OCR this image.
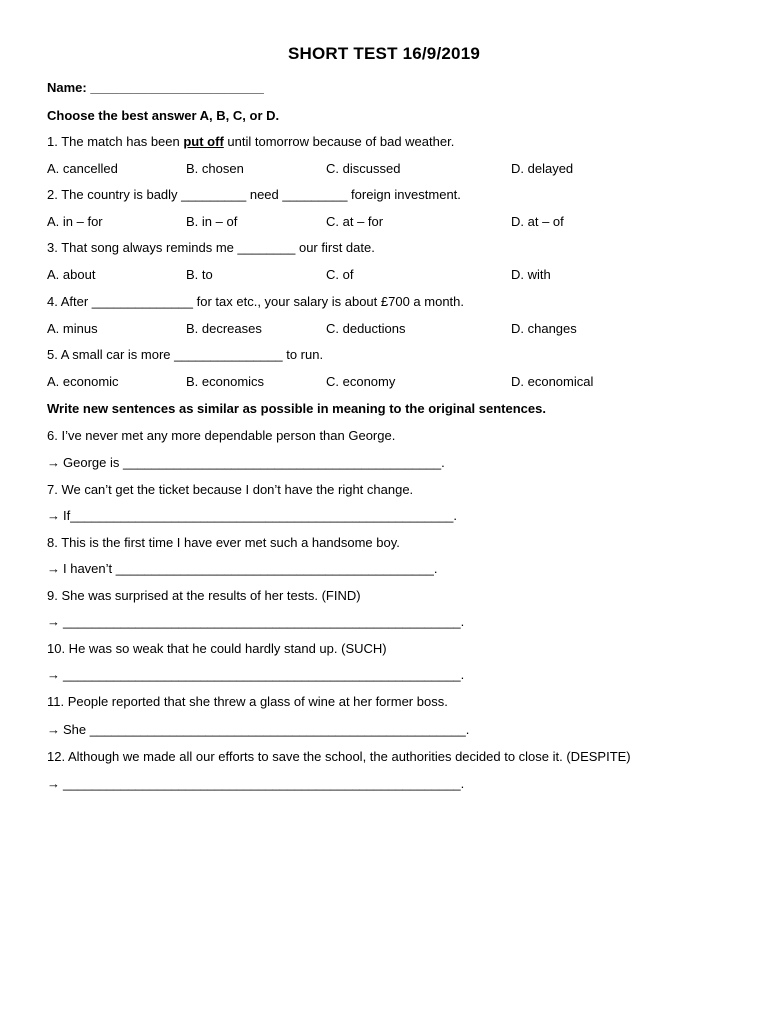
SHORT TEST 16/9/2019
Name: ________________________
Choose the best answer A, B, C, or D.
1. The match has been put off until tomorrow because of bad weather.
A. cancelled	B. chosen	C. discussed	D. delayed
2. The country is badly _________ need _________ foreign investment.
A. in – for	B. in – of	C. at – for	D. at – of
3. That song always reminds me ________ our first date.
A. about	B. to	C. of	D. with
4. After ______________ for tax etc., your salary is about £700 a month.
A. minus	B. decreases	C. deductions	D. changes
5. A small car is more _______________ to run.
A. economic	B. economics	C. economy	D. economical
Write new sentences as similar as possible in meaning to the original sentences.
6. I’ve never met any more dependable person than George.
→ George is ____________________________________________.
7. We can’t get the ticket because I don’t have the right change.
→ If_____________________________________________________.
8. This is the first time I have ever met such a handsome boy.
→ I haven’t ____________________________________________.
9. She was surprised at the results of her tests. (FIND)
→ _______________________________________________________.
10. He was so weak that he could hardly stand up. (SUCH)
→ _______________________________________________________.
11. People reported that she threw a glass of wine at her former boss.
→ She ____________________________________________________.
12. Although we made all our efforts to save the school, the authorities decided to close it. (DESPITE)
→ _______________________________________________________.
